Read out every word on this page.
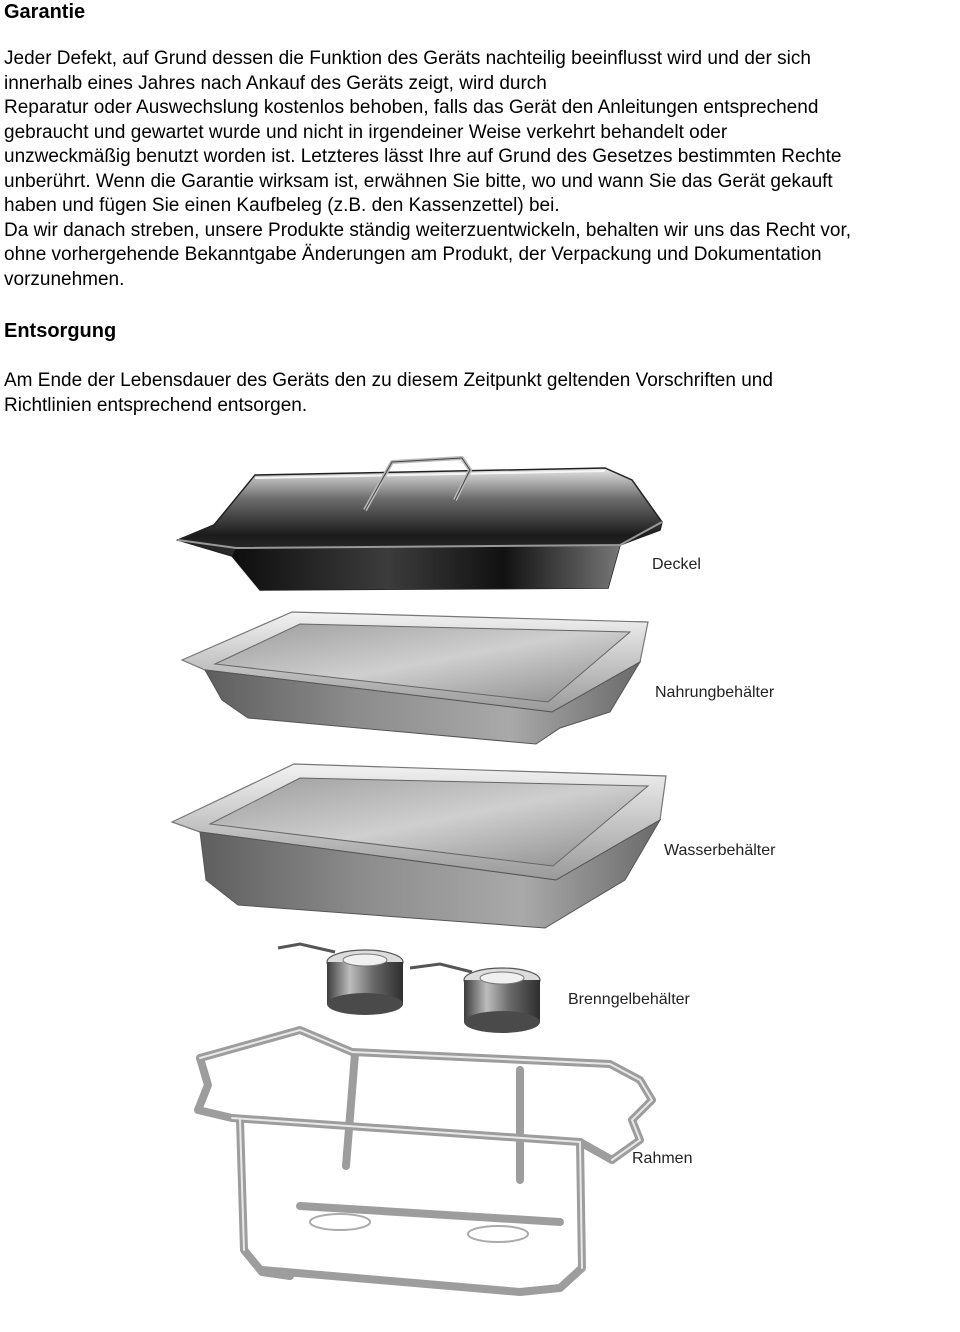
Garantie

Jeder Defekt, auf Grund dessen die Funktion des Geräts nachteilig beeinflusst wird und der sich
innerhalb eines Jahres nach Ankauf des Geräts zeigt, wird durch
Reparatur oder Auswechslung kostenlos behoben, falls das Gerät den Anleitungen entsprechend
gebraucht und gewartet wurde und nicht in irgendeiner Weise verkehrt behandelt oder
unzweckmäßig benutzt worden ist. Letzteres lässt Ihre auf Grund des Gesetzes bestimmten Rechte
unberührt. Wenn die Garantie wirksam ist, erwähnen Sie bitte, wo und wann Sie das Gerät gekauft
haben und fügen Sie einen Kaufbeleg (z.B. den Kassenzettel) bei.
Da wir danach streben, unsere Produkte ständig weiterzuentwickeln, behalten wir uns das Recht vor,
ohne vorhergehende Bekanntgabe Änderungen am Produkt, der Verpackung und Dokumentation
vorzunehmen.

Entsorgung

Am Ende der Lebensdauer des Geräts den zu diesem Zeitpunkt geltenden Vorschriften und
Richtlinien entsprechend entsorgen.

Deckel
Nahrungbehälter
Wasserbehälter
Brenngelbehälter
Rahmen
